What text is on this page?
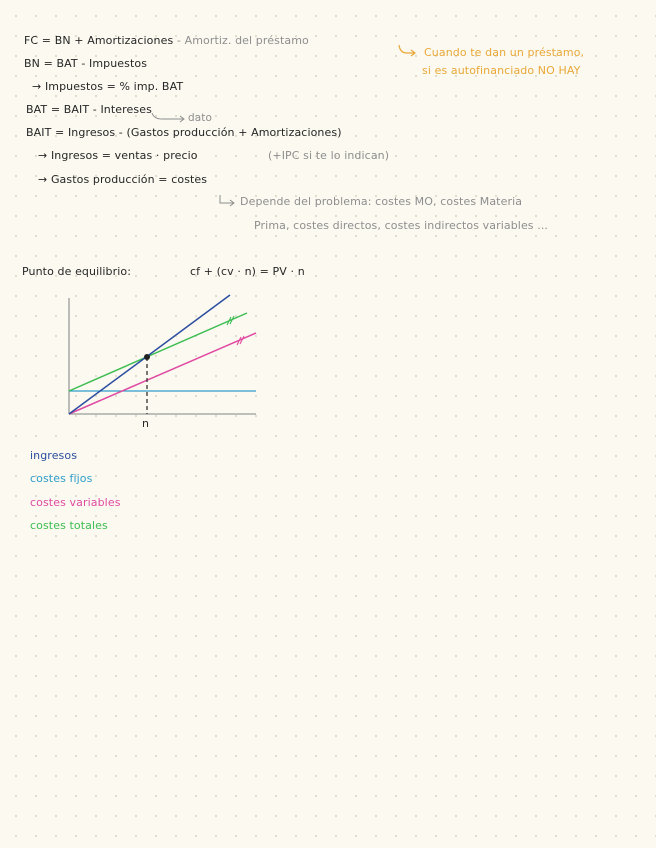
FC = BN + Amortizaciones - Amortiz. del préstamo
Cuando te dan un préstamo,
si es autofinanciado NO HAY
BN = BAT - Impuestos
→ Impuestos = % imp. BAT
BAT = BAIT - Intereses
dato
BAIT = Ingresos - (Gastos producción + Amortizaciones)
→ Ingresos = ventas · precio	(+IPC si te lo indican)
→ Gastos producción = costes
Depende del problema: costes MO, costes Materia
Prima, costes directos, costes indirectos variables ...
Punto de equilibrio:	cf + (cv · n) = PV · n
n
ingresos
costes fijos
costes variables
costes totales
